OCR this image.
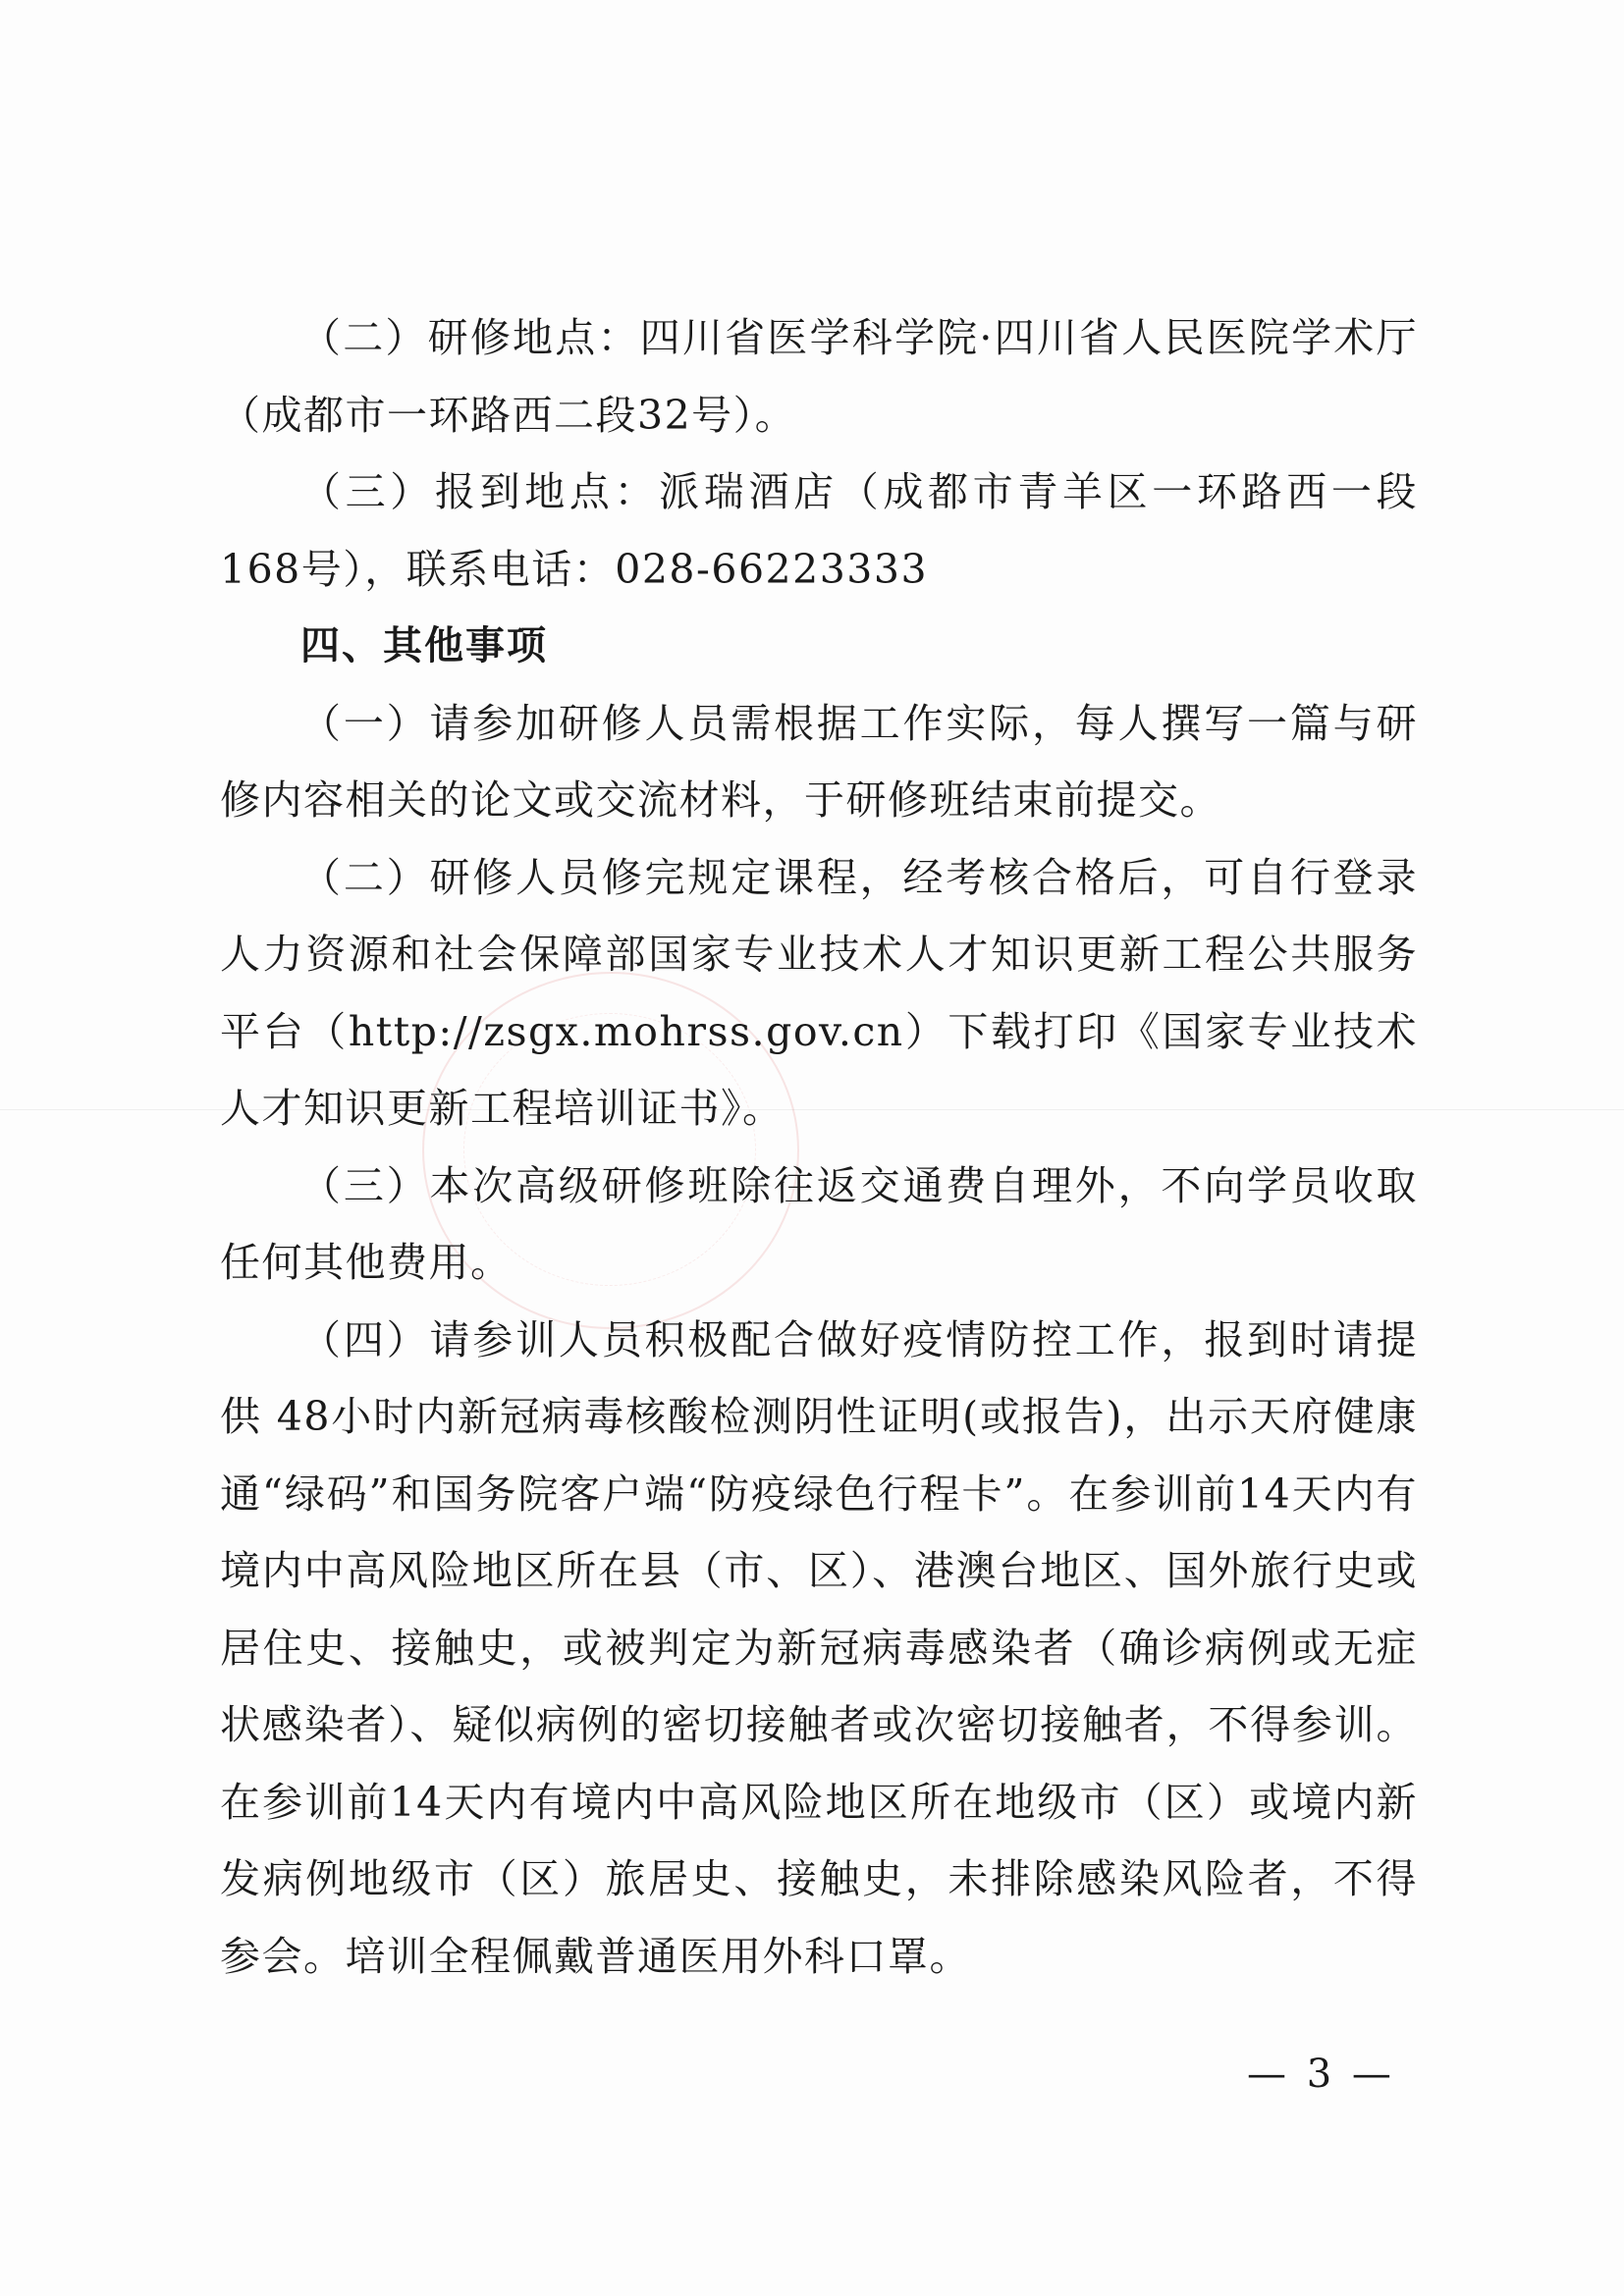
（二）研修地点：四川省医学科学院·四川省人民医院学术厅（成都市一环路西二段32号）。

（三）报到地点：派瑞酒店（成都市青羊区一环路西一段168号），联系电话：028-66223333

四、其他事项

（一）请参加研修人员需根据工作实际，每人撰写一篇与研修内容相关的论文或交流材料，于研修班结束前提交。

（二）研修人员修完规定课程，经考核合格后，可自行登录人力资源和社会保障部国家专业技术人才知识更新工程公共服务平台（http://zsgx.mohrss.gov.cn）下载打印《国家专业技术人才知识更新工程培训证书》。

（三）本次高级研修班除往返交通费自理外，不向学员收取任何其他费用。

（四）请参训人员积极配合做好疫情防控工作，报到时请提供 48小时内新冠病毒核酸检测阴性证明(或报告)，出示天府健康通“绿码”和国务院客户端“防疫绿色行程卡”。在参训前14天内有境内中高风险地区所在县（市、区）、港澳台地区、国外旅行史或居住史、接触史，或被判定为新冠病毒感染者（确诊病例或无症状感染者）、疑似病例的密切接触者或次密切接触者，不得参训。在参训前14天内有境内中高风险地区所在地级市（区）或境内新发病例地级市（区）旅居史、接触史，未排除感染风险者，不得参会。培训全程佩戴普通医用外科口罩。

— 3 —
